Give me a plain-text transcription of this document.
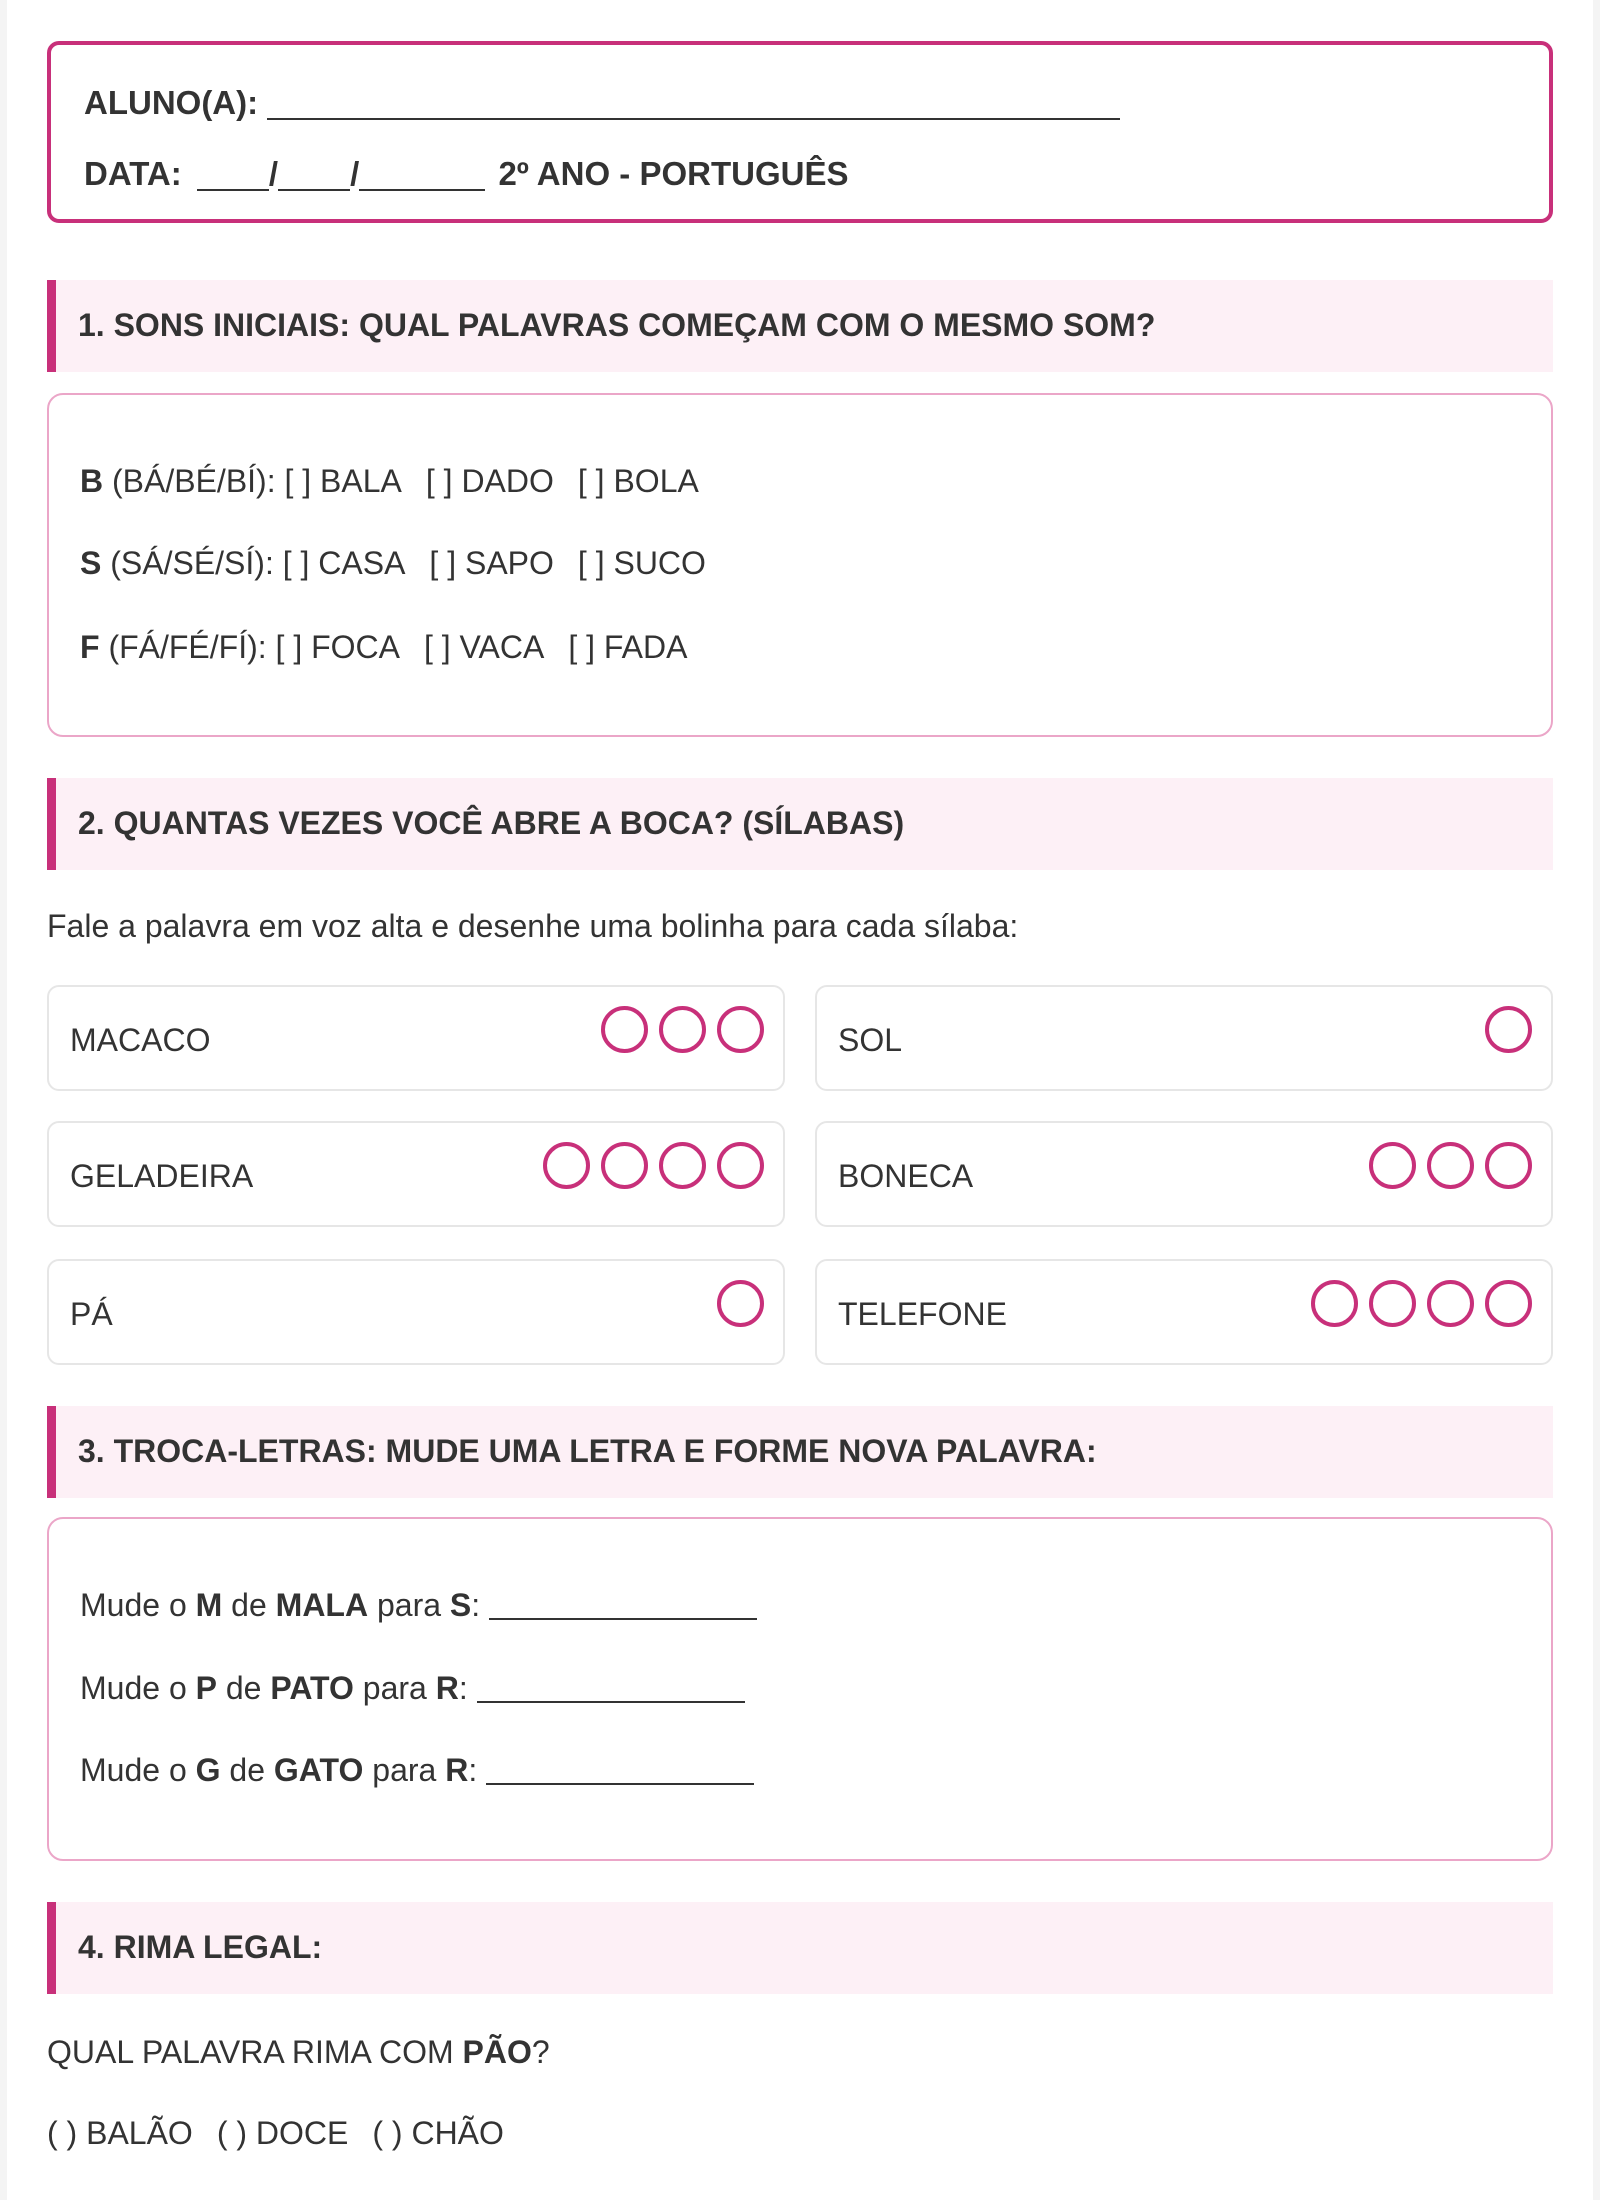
ALUNO(A):
DATA:	/ /	2º ANO - PORTUGUÊS
1. SONS INICIAIS: QUAL PALAVRAS COMEÇAM COM O MESMO SOM?
B (BÁ/BÉ/BÍ): [ ] BALA [ ] DADO [ ] BOLA
S (SÁ/SÉ/SÍ): [ ] CASA [ ] SAPO [ ] SUCO
F (FÁ/FÉ/FÍ): [ ] FOCA [ ] VACA [ ] FADA
2. QUANTAS VEZES VOCÊ ABRE A BOCA? (SÍLABAS)
Fale a palavra em voz alta e desenhe uma bolinha para cada sílaba:
MACACO	SOL
GELADEIRA	BONECA
PÁ	TELEFONE
3. TROCA-LETRAS: MUDE UMA LETRA E FORME NOVA PALAVRA:
Mude o M de MALA para S:
Mude o P de PATO para R:
Mude o G de GATO para R:
4. RIMA LEGAL:
QUAL PALAVRA RIMA COM PÃO?
( ) BALÃO ( ) DOCE ( ) CHÃO
